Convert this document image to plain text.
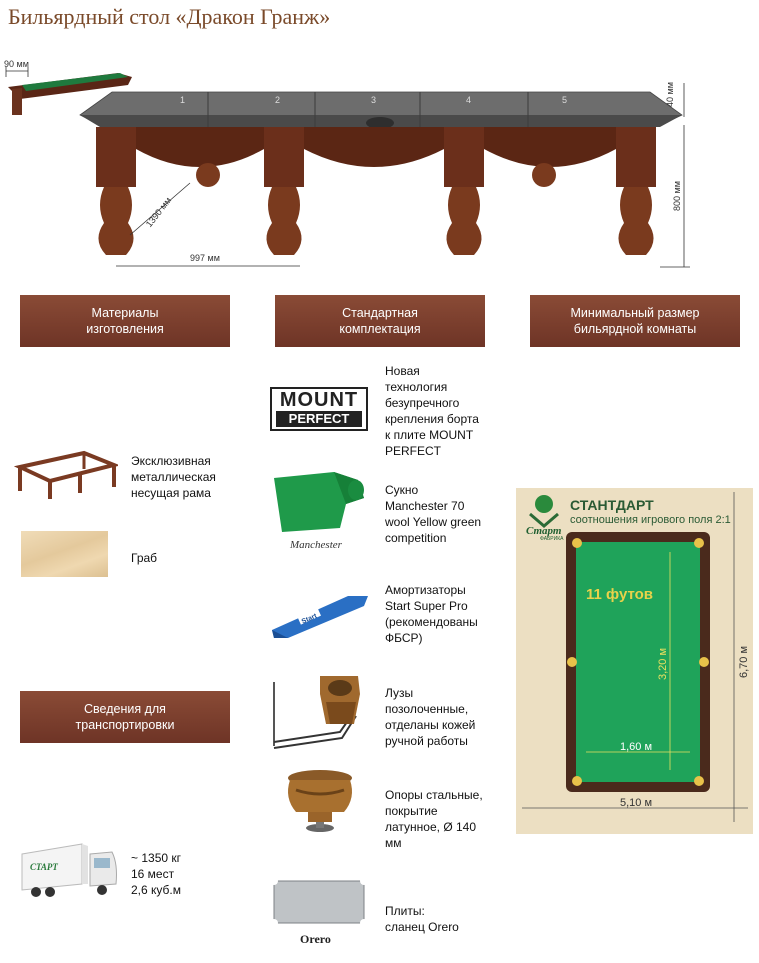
Бильярдный стол «Дракон Гранж»
90 мм
1	2	3	4	5
1390 мм
997 мм
40 мм
800 мм
Материалы
изготовления
Стандартная
комплектация
Минимальный размер
бильярдной комнаты
Сведения для
транспортировки
Эксклюзивная
металлическая
несущая рама
Граб
MOUNT
PERFECT
Новая
технология
безупречного
крепления борта
к плите MOUNT
PERFECT
Manchester
Сукно
Manchester 70
wool Yellow green
competition
Start
Амортизаторы
Start Super Pro
(рекомендованы
ФБСР)
Лузы
позолоченные,
отделаны кожей
ручной работы
Опоры стальные,
покрытие
латунное, Ø 140
мм
Orero
Плиты:
сланец Orero
Старт
ФАБРИКА
СТАНТДАРТ
соотношения игрового поля 2:1
11 футов
3,20 м
1,60 м
5,10 м
6,70 м
СТАРТ
~ 1350 кг
16 мест
2,6 куб.м
